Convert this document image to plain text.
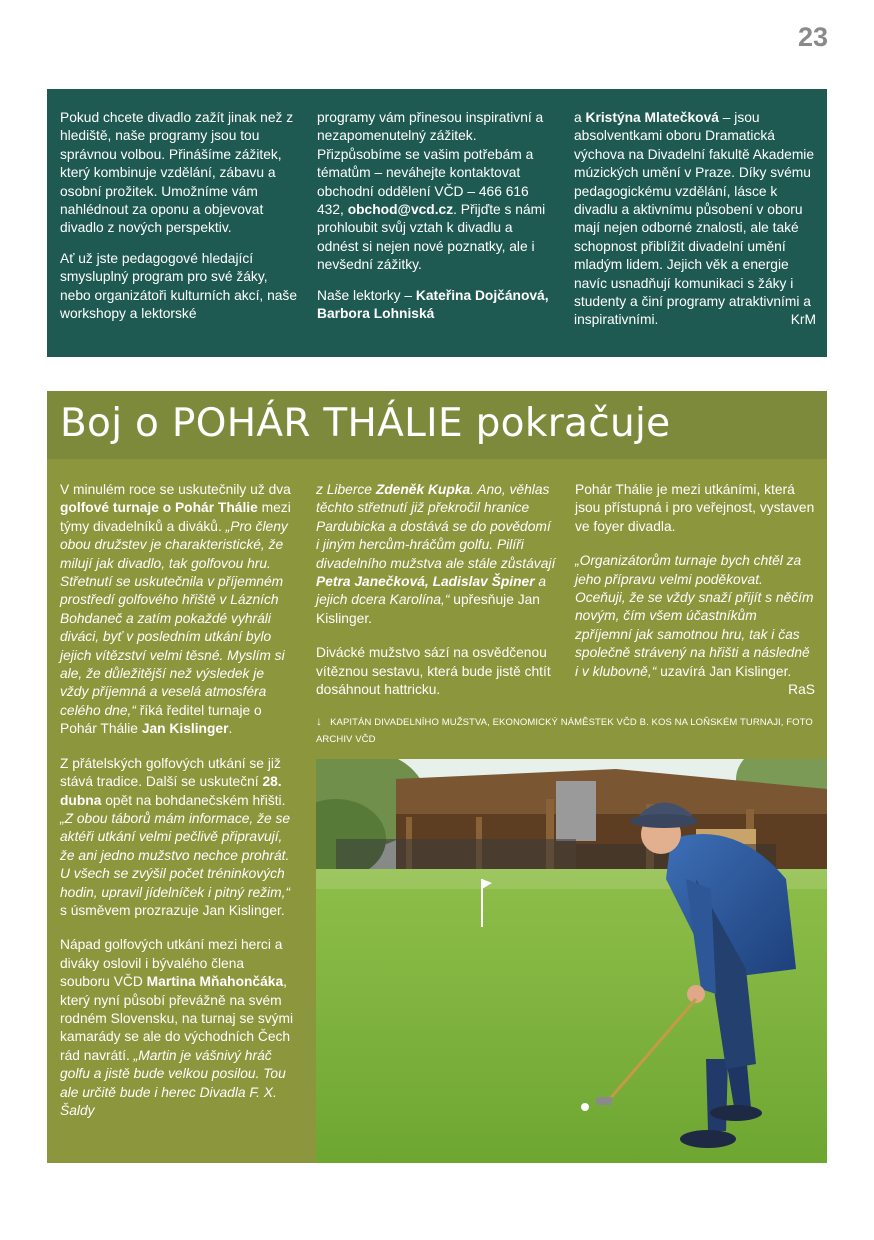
23

Pokud chcete divadlo zažít jinak než z hlediště, naše programy jsou tou správnou volbou. Přinášíme zážitek, který kombinuje vzdělání, zábavu a osobní prožitek. Umožníme vám nahlédnout za oponu a objevovat divadlo z nových perspektiv.

Ať už jste pedagogové hledající smysluplný program pro své žáky, nebo organizátoři kulturních akcí, naše workshopy a lektorské

programy vám přinesou inspirativní a nezapomenutelný zážitek. Přizpůsobíme se vašim potřebám a tématům – neváhejte kontaktovat obchodní oddělení VČD – 466 616 432, obchod@vcd.cz. Přijďte s námi prohloubit svůj vztah k divadlu a odnést si nejen nové poznatky, ale i nevšední zážitky.

Naše lektorky – Kateřina Dojčánová, Barbora Lohniská

a Kristýna Mlatečková – jsou absolventkami oboru Dramatická výchova na Divadelní fakultě Akademie múzických umění v Praze. Díky svému pedagogickému vzdělání, lásce k divadlu a aktivnímu působení v oboru mají nejen odborné znalosti, ale také schopnost přiblížit divadelní umění mladým lidem. Jejich věk a energie navíc usnadňují komunikaci s žáky i studenty a činí programy atraktivními a inspirativními.	KrM

Boj o POHÁR THÁLIE pokračuje

V minulém roce se uskutečnily už dva golfové turnaje o Pohár Thálie mezi týmy divadelníků a diváků. „Pro členy obou družstev je charakteristické, že milují jak divadlo, tak golfovou hru. Střetnutí se uskutečnila v příjemném prostředí golfového hřiště v Lázních Bohdaneč a zatím pokaždé vyhráli diváci, byť v posledním utkání bylo jejich vítězství velmi těsné. Myslím si ale, že důležitější než výsledek je vždy příjemná a veselá atmosféra celého dne,“ říká ředitel turnaje o Pohár Thálie Jan Kislinger.

Z přátelských golfových utkání se již stává tradice. Další se uskuteční 28. dubna opět na bohdanečském hřišti. „Z obou táborů mám informace, že se aktéři utkání velmi pečlivě připravují, že ani jedno mužstvo nechce prohrát. U všech se zvýšil počet tréninkových hodin, upravil jídelníček i pitný režim,“ s úsměvem prozrazuje Jan Kislinger.

Nápad golfových utkání mezi herci a diváky oslovil i bývalého člena souboru VČD Martina Mňahončáka, který nyní působí převážně na svém rodném Slovensku, na turnaj se svými kamarády se ale do východních Čech rád navrátí. „Martin je vášnivý hráč golfu a jistě bude velkou posilou. Tou ale určitě bude i herec Divadla F. X. Šaldy

z Liberce Zdeněk Kupka. Ano, věhlas těchto střetnutí již překročil hranice Pardubicka a dostává se do povědomí i jiným hercům-hráčům golfu. Pilíři divadelního mužstva ale stále zůstávají Petra Janečková, Ladislav Špiner a jejich dcera Karolína,“ upřesňuje Jan Kislinger.

Divácké mužstvo sází na osvědčenou vítěznou sestavu, která bude jistě chtít dosáhnout hattricku.

Pohár Thálie je mezi utkáními, která jsou přístupná i pro veřejnost, vystaven ve foyer divadla.

„Organizátorům turnaje bych chtěl za jeho přípravu velmi poděkovat. Oceňuji, že se vždy snaží přijít s něčím novým, čím všem účastníkům zpříjemní jak samotnou hru, tak i čas společně strávený na hřišti a následně i v klubovně,“ uzavírá Jan Kislinger.
RaS

↓ KAPITÁN DIVADELNÍHO MUŽSTVA, EKONOMICKÝ NÁMĚSTEK VČD B. KOS NA LOŇSKÉM TURNAJI, FOTO ARCHIV VČD
